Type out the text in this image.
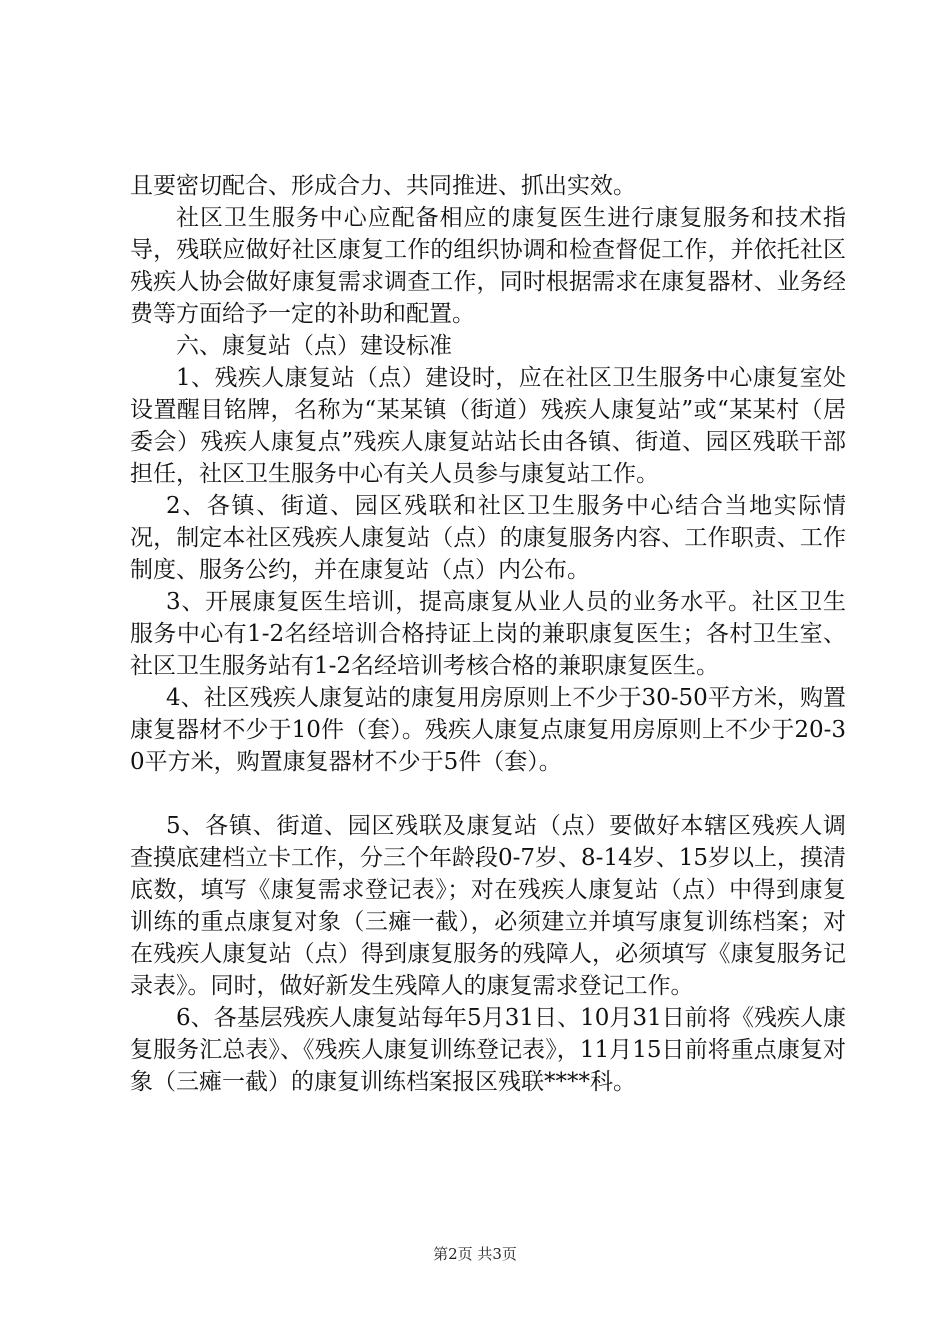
且要密切配合、形成合力、共同推进、抓出实效。

社区卫生服务中心应配备相应的康复医生进行康复服务和技术指导，残联应做好社区康复工作的组织协调和检查督促工作，并依托社区残疾人协会做好康复需求调查工作，同时根据需求在康复器材、业务经费等方面给予一定的补助和配置。

六、康复站（点）建设标准

1、残疾人康复站（点）建设时，应在社区卫生服务中心康复室处设置醒目铭牌，名称为“某某镇（街道）残疾人康复站”或“某某村（居委会）残疾人康复点”残疾人康复站站长由各镇、街道、园区残联干部担任，社区卫生服务中心有关人员参与康复站工作。

2、各镇、街道、园区残联和社区卫生服务中心结合当地实际情况，制定本社区残疾人康复站（点）的康复服务内容、工作职责、工作制度、服务公约，并在康复站（点）内公布。

3、开展康复医生培训，提高康复从业人员的业务水平。社区卫生服务中心有1-2名经培训合格持证上岗的兼职康复医生；各村卫生室、社区卫生服务站有1-2名经培训考核合格的兼职康复医生。

4、社区残疾人康复站的康复用房原则上不少于30-50平方米，购置康复器材不少于10件（套）。残疾人康复点康复用房原则上不少于20-30平方米，购置康复器材不少于5件（套）。

5、各镇、街道、园区残联及康复站（点）要做好本辖区残疾人调查摸底建档立卡工作，分三个年龄段0-7岁、8-14岁、15岁以上，摸清底数，填写《康复需求登记表》；对在残疾人康复站（点）中得到康复训练的重点康复对象（三瘫一截），必须建立并填写康复训练档案；对在残疾人康复站（点）得到康复服务的残障人，必须填写《康复服务记录表》。同时，做好新发生残障人的康复需求登记工作。

6、各基层残疾人康复站每年5月31日、10月31日前将《残疾人康复服务汇总表》、《残疾人康复训练登记表》，11月15日前将重点康复对象（三瘫一截）的康复训练档案报区残联****科。

第2页 共3页
